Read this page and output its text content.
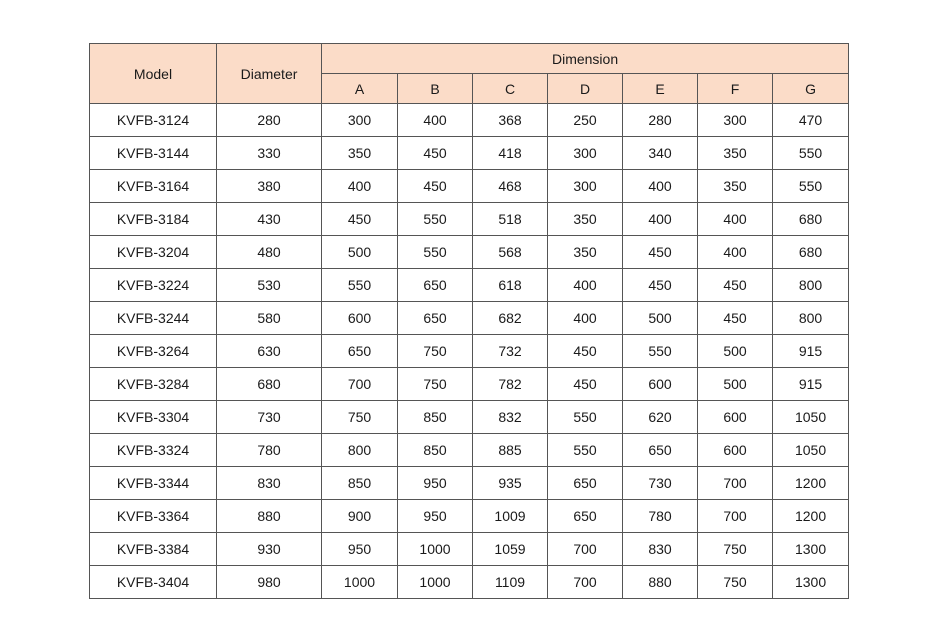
Model	Diameter	Dimension						
		A	B	C	D	E	F	G
KVFB-3124	280	300	400	368	250	280	300	470
KVFB-3144	330	350	450	418	300	340	350	550
KVFB-3164	380	400	450	468	300	400	350	550
KVFB-3184	430	450	550	518	350	400	400	680
KVFB-3204	480	500	550	568	350	450	400	680
KVFB-3224	530	550	650	618	400	450	450	800
KVFB-3244	580	600	650	682	400	500	450	800
KVFB-3264	630	650	750	732	450	550	500	915
KVFB-3284	680	700	750	782	450	600	500	915
KVFB-3304	730	750	850	832	550	620	600	1050
KVFB-3324	780	800	850	885	550	650	600	1050
KVFB-3344	830	850	950	935	650	730	700	1200
KVFB-3364	880	900	950	1009	650	780	700	1200
KVFB-3384	930	950	1000	1059	700	830	750	1300
KVFB-3404	980	1000	1000	1109	700	880	750	1300
